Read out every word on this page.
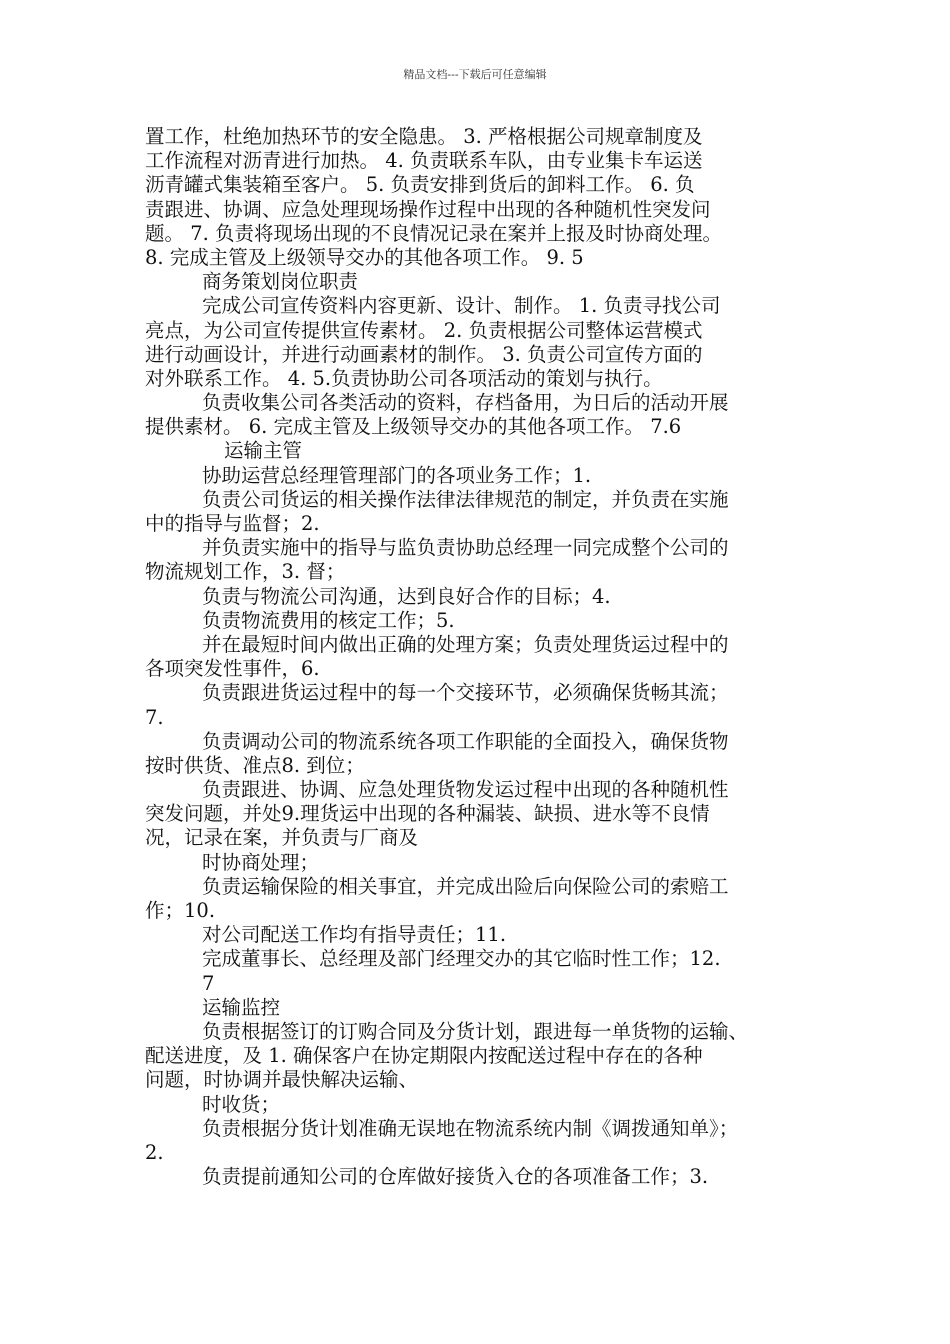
精品文档---下载后可任意编辑
置工作，杜绝加热环节的安全隐患。 3. 严格根据公司规章制度及
工作流程对沥青进行加热。 4. 负责联系车队，由专业集卡车运送
沥青罐式集装箱至客户。 5. 负责安排到货后的卸料工作。 6. 负
责跟进、协调、应急处理现场操作过程中出现的各种随机性突发问
题。 7. 负责将现场出现的不良情况记录在案并上报及时协商处理。
8. 完成主管及上级领导交办的其他各项工作。 9. 5
商务策划岗位职责
完成公司宣传资料内容更新、设计、制作。 1. 负责寻找公司
亮点，为公司宣传提供宣传素材。 2. 负责根据公司整体运营模式
进行动画设计，并进行动画素材的制作。 3. 负责公司宣传方面的
对外联系工作。 4. 5.负责协助公司各项活动的策划与执行。
负责收集公司各类活动的资料，存档备用，为日后的活动开展
提供素材。 6. 完成主管及上级领导交办的其他各项工作。 7.6
运输主管
协助运营总经理管理部门的各项业务工作；1.
负责公司货运的相关操作法律法律规范的制定，并负责在实施
中的指导与监督；2.
并负责实施中的指导与监负责协助总经理一同完成整个公司的
物流规划工作，3. 督；
负责与物流公司沟通，达到良好合作的目标；4.
负责物流费用的核定工作；5.
并在最短时间内做出正确的处理方案；负责处理货运过程中的
各项突发性事件，6.
负责跟进货运过程中的每一个交接环节，必须确保货畅其流；
7.
负责调动公司的物流系统各项工作职能的全面投入，确保货物
按时供货、准点8. 到位；
负责跟进、协调、应急处理货物发运过程中出现的各种随机性
突发问题，并处9.理货运中出现的各种漏装、缺损、进水等不良情
况，记录在案，并负责与厂商及
时协商处理；
负责运输保险的相关事宜，并完成出险后向保险公司的索赔工
作；10.
对公司配送工作均有指导责任；11.
完成董事长、总经理及部门经理交办的其它临时性工作；12.
7
运输监控
负责根据签订的订购合同及分货计划，跟进每一单货物的运输、
配送进度，及 1. 确保客户在协定期限内按配送过程中存在的各种
问题，时协调并最快解决运输、
时收货；
负责根据分货计划准确无误地在物流系统内制《调拨通知单》；
2.
负责提前通知公司的仓库做好接货入仓的各项准备工作；3.
